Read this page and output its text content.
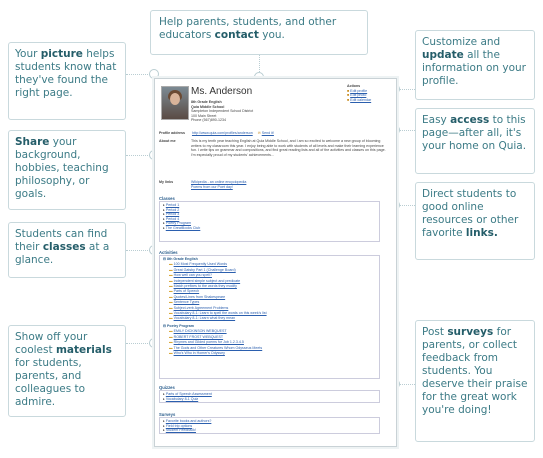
Help parents, students, and other educators contact you.
Your picture helps students know that they've found the right page.
Share your background, hobbies, teaching philosophy, or goals.
Students can find their classes at a glance.
Show off your coolest materials for students, parents, and colleagues to admire.
Customize and update all the information on your profile.
Easy access to this page—after all, it's your home on Quia.
Direct students to good online resources or other favorite links.
Post surveys for parents, or collect feedback from students. You deserve their praise for the great work you're doing!
Ms. Anderson
8th Grade English
Quia Middle School
Sampleton Independent School District
100 Main Street
Phone (567)890-1234
Actions
■ Edit profile
■ Edit photo
■ Edit calendar
Profile address http://www.quia.com/profiles/anderson ✉ Send it!
About me	This is my tenth year teaching English at Quia Middle School, and I am so excited to welcome a new group of blooming writers to my classroom this year. I enjoy being able to work with students of all levels and make their learning experience fun. I write tips on grammar and compositions, and find great reading lists and all of the activities and classes on this page. I'm especially proud of my students' achievements...
My links	Wikipedia - an online encyclopedia
Poems from our Poet day!
Classes
▸ Period 1
▸ Period 2
▸ Period 3
▸ Period 4
▸ Poetry Program
▸ The GreatBooks Club
Activities
⊟ 8th Grade English
▬ 100 Most Frequently Used Words
▬ Great Gatsby Part 1 (Challenge Board)
▬ How well can you spell?
▬ Independent simple subject and predicate
▬ Match prefixes to the words they modify
▬ Parts of Speech
▬ Quotes/Lines from Shakespeare
▬ Sentence Types
▬ Subject-verb Agreement Problems
▬ Vocabulary 8-1: Learn to spell the words on this week's list
▬ Vocabulary 8-1: Learn what they mean
⊟ Poetry Program
▬ EMILY DICKINSON WEBQUEST
▬ ROBERT FROST WEBQUEST
▬ Rhymes and Gilded poems for Job 1.2.3.4.5
▬ The Gods and Other Creatures Whom Odysseus Meets
▬ Who's Who in Homer's Odyssey
Quizzes
▸ Parts of Speech Assessment
▸ Vocabulary 8-1 Quiz
Surveys
▸ Favorite books and authors?
▸ Field trip options
▸ Student Feedback!
